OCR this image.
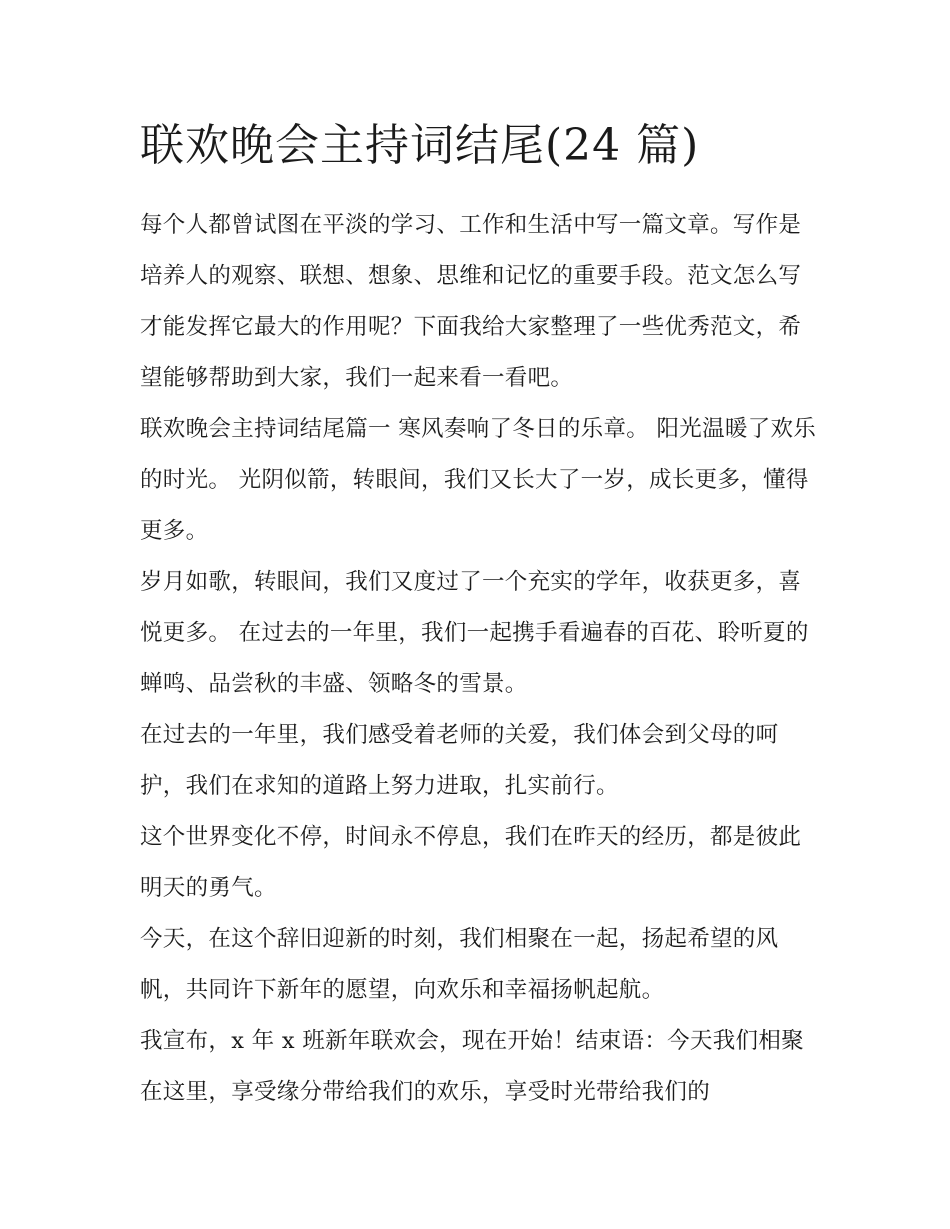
联欢晚会主持词结尾(24 篇)

每个人都曾试图在平淡的学习、工作和生活中写一篇文章。写作是培养人的观察、联想、想象、思维和记忆的重要手段。范文怎么写才能发挥它最大的作用呢？下面我给大家整理了一些优秀范文，希望能够帮助到大家，我们一起来看一看吧。

联欢晚会主持词结尾篇一 寒风奏响了冬日的乐章。 阳光温暖了欢乐的时光。 光阴似箭，转眼间，我们又长大了一岁，成长更多，懂得更多。

岁月如歌，转眼间，我们又度过了一个充实的学年，收获更多，喜悦更多。 在过去的一年里，我们一起携手看遍春的百花、聆听夏的蝉鸣、品尝秋的丰盛、领略冬的雪景。

在过去的一年里，我们感受着老师的关爱，我们体会到父母的呵护，我们在求知的道路上努力进取，扎实前行。

这个世界变化不停，时间永不停息，我们在昨天的经历，都是彼此明天的勇气。

今天，在这个辞旧迎新的时刻，我们相聚在一起，扬起希望的风帆，共同许下新年的愿望，向欢乐和幸福扬帆起航。

我宣布，x 年 x 班新年联欢会，现在开始！结束语：今天我们相聚在这里，享受缘分带给我们的欢乐，享受时光带给我们的
